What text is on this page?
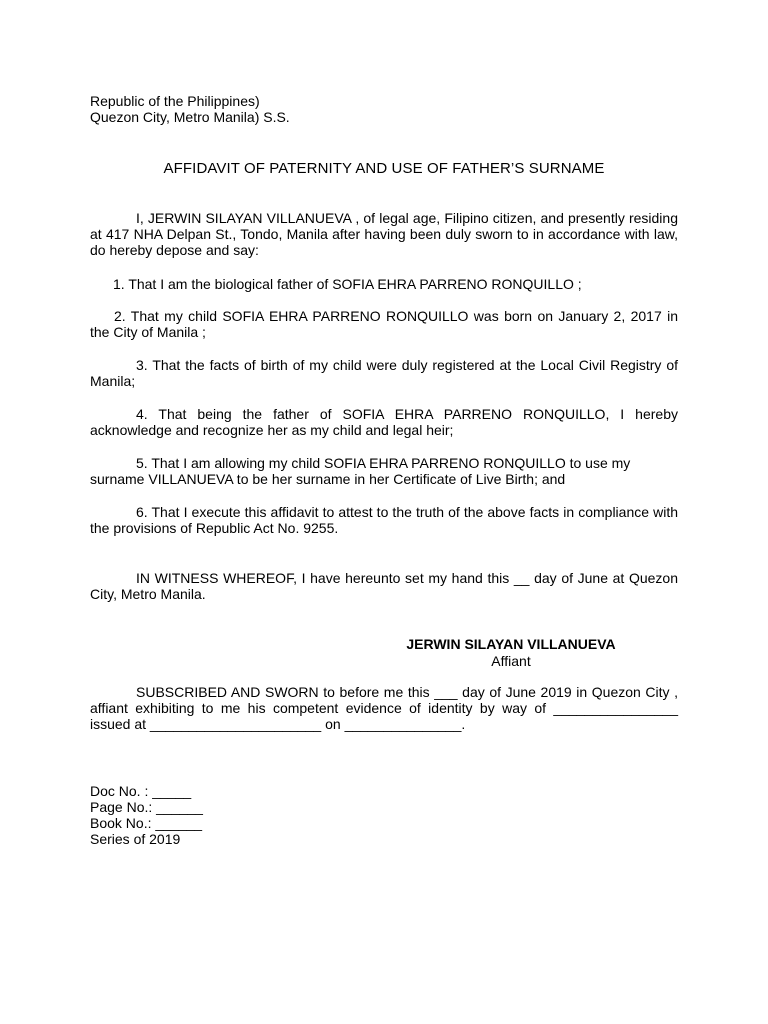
Republic of the Philippines)
Quezon City, Metro Manila) S.S.
AFFIDAVIT OF PATERNITY AND USE OF FATHER’S SURNAME

I, JERWIN SILAYAN VILLANUEVA , of legal age, Filipino citizen, and presently residing at 417 NHA Delpan St., Tondo, Manila after having been duly sworn to in accordance with law, do hereby depose and say:

1. That I am the biological father of SOFIA EHRA PARRENO RONQUILLO ;

2. That my child SOFIA EHRA PARRENO RONQUILLO was born on January 2, 2017 in the City of Manila ;

3. That the facts of birth of my child were duly registered at the Local Civil Registry of Manila;

4. That being the father of SOFIA EHRA PARRENO RONQUILLO, I hereby acknowledge and recognize her as my child and legal heir;

5. That I am allowing my child SOFIA EHRA PARRENO RONQUILLO to use my surname VILLANUEVA to be her surname in her Certificate of Live Birth; and

6. That I execute this affidavit to attest to the truth of the above facts in compliance with the provisions of Republic Act No. 9255.

IN WITNESS WHEREOF, I have hereunto set my hand this __ day of June at Quezon City, Metro Manila.

JERWIN SILAYAN VILLANUEVA
Affiant

SUBSCRIBED AND SWORN to before me this ___ day of June 2019 in Quezon City , affiant exhibiting to me his competent evidence of identity by way of ________________ issued at ______________________ on _______________.

Doc No. : _____
Page No.: ______
Book No.: ______
Series of 2019
